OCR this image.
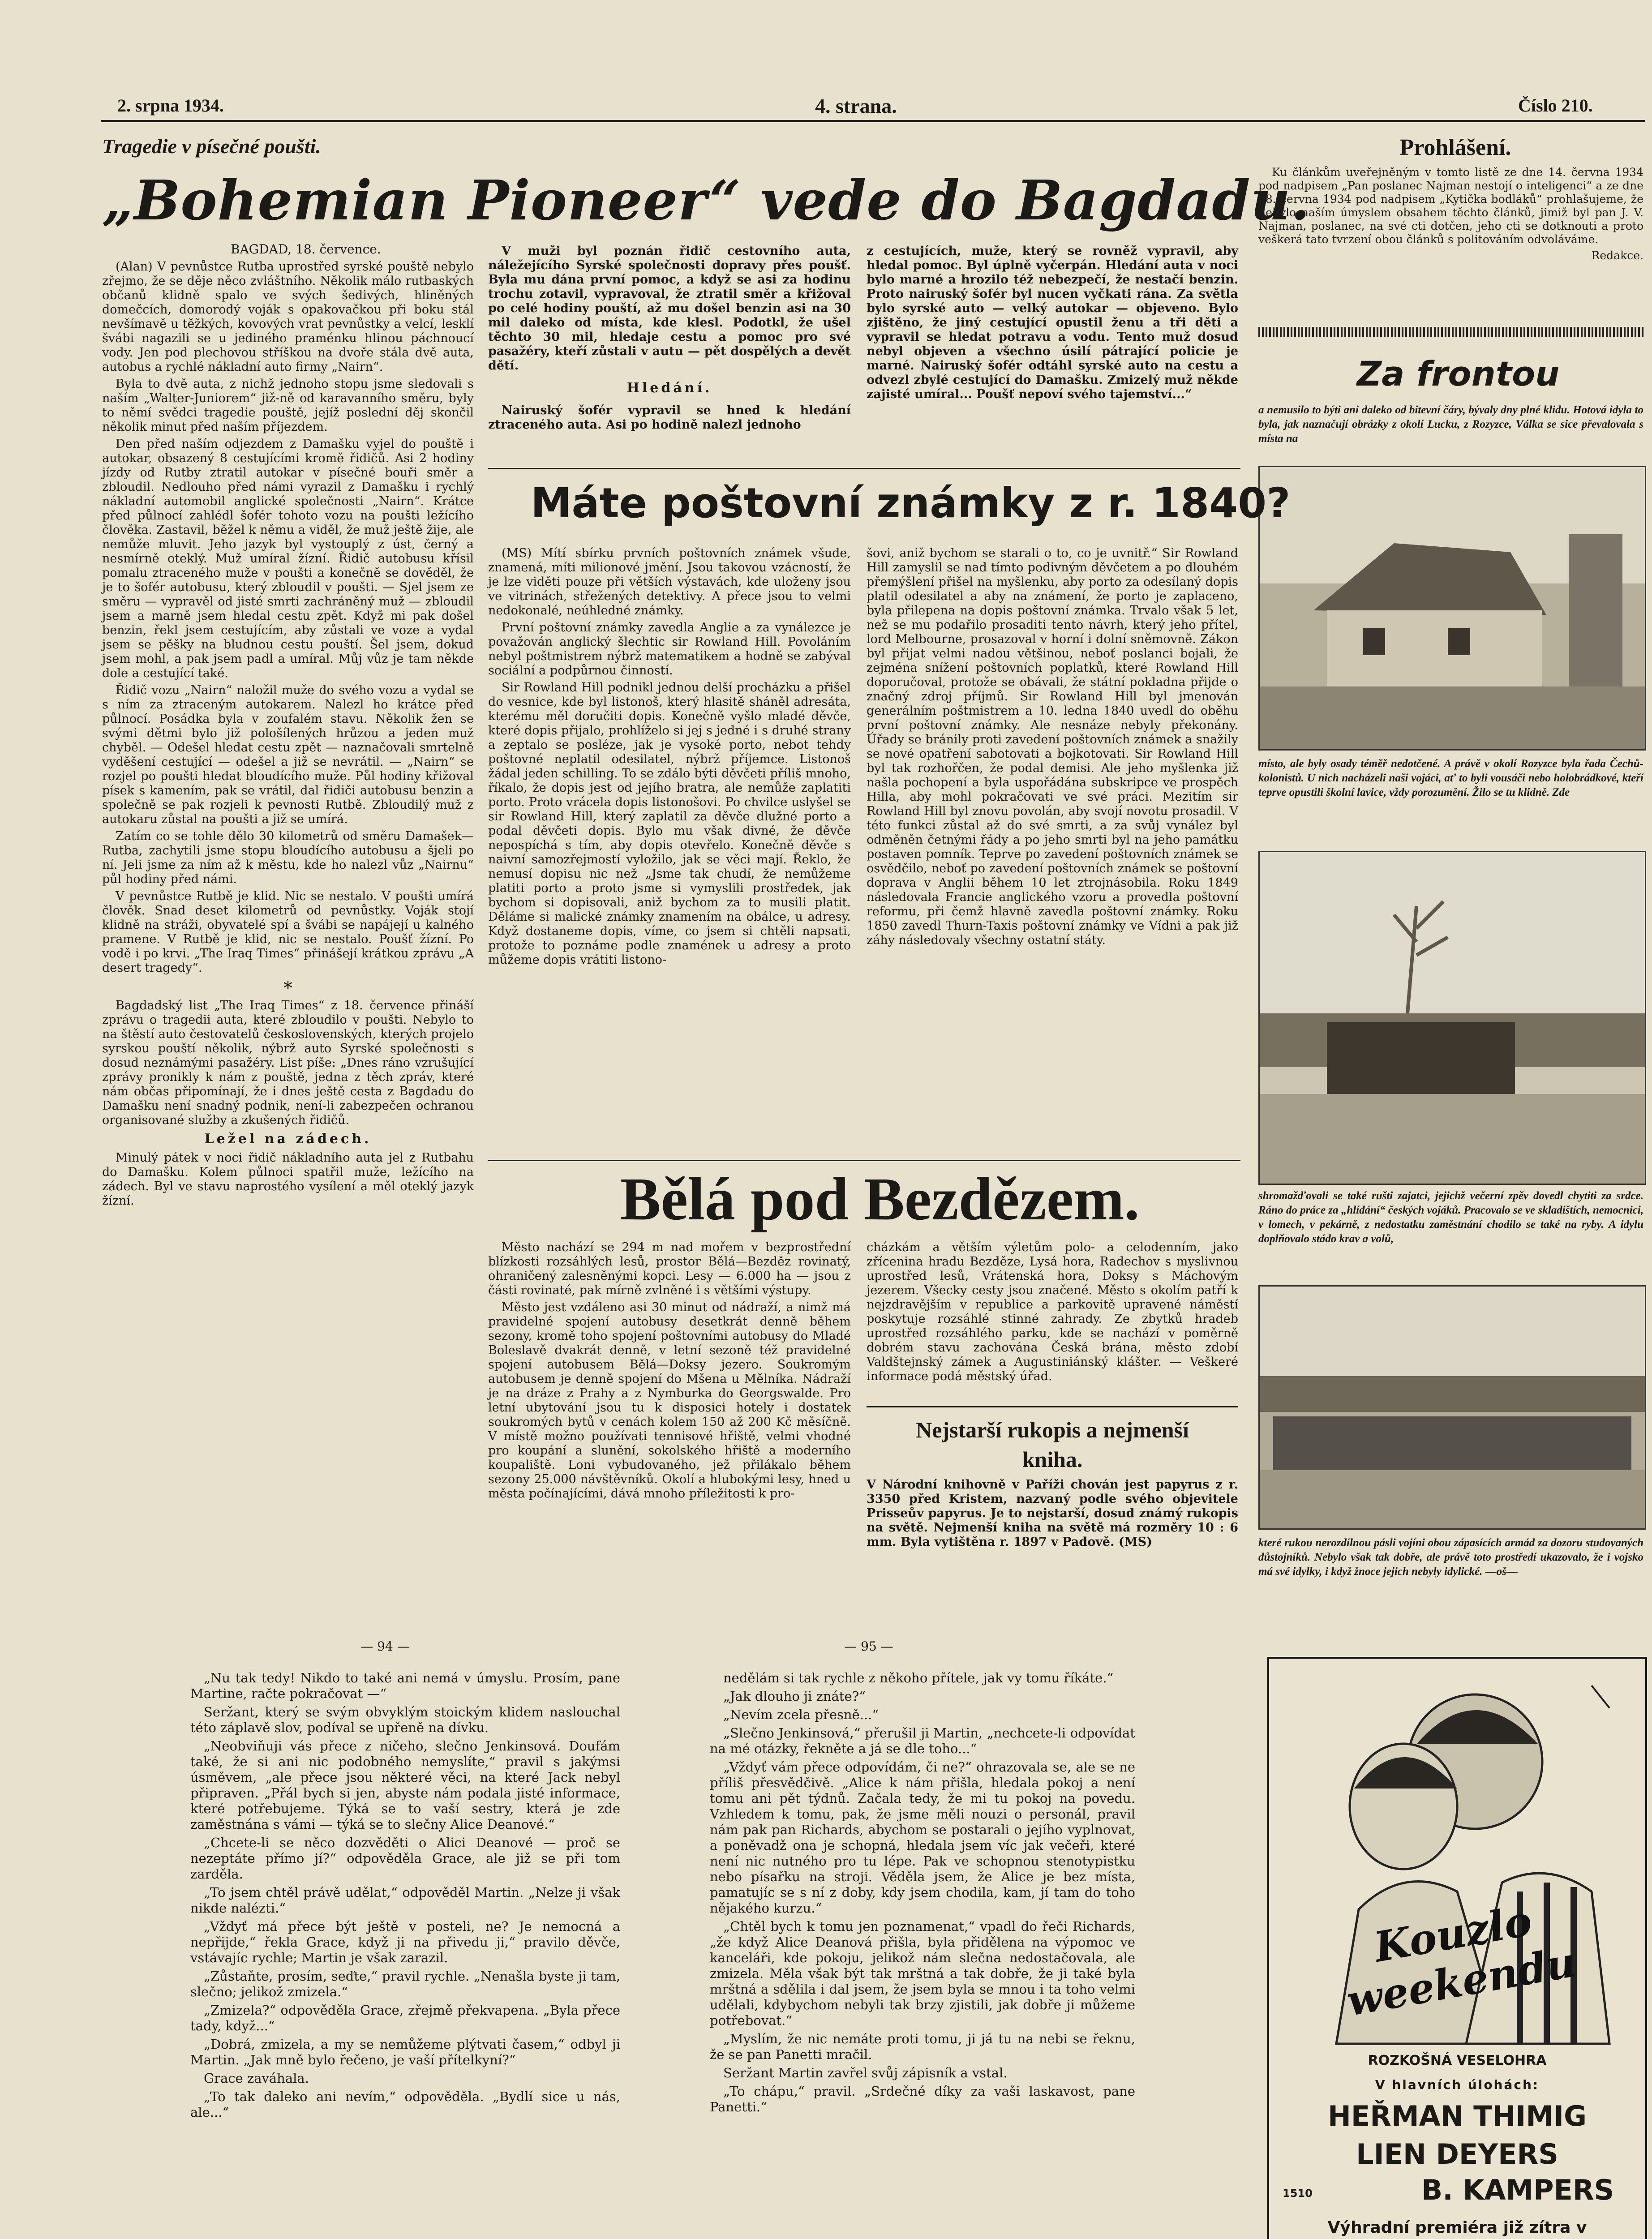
2. srpna 1934.	4. strana.	Číslo 210.
Tragedie v písečné poušti.
„Bohemian Pioneer“ vede do Bagdadu.
BAGDAD, 18. července.

(Alan) V pevnůstce Rutba uprostřed syrské pouště nebylo zřejmo, že se děje něco zvláštního. Několik málo rutbaských občanů klidně spalo ve svých šedivých, hliněných domečcích, domorodý voják s opakovačkou při boku stál nevšímavě u těžkých, kovových vrat pevnůstky a velcí, lesklí švábi nagazili se u jediného praménku hlinou páchnoucí vody. Jen pod plechovou stříškou na dvoře stála dvě auta, autobus a rychlé nákladní auto firmy „Nairn“.

Byla to dvě auta, z nichž jednoho stopu jsme sledovali s naším „Walter-Juniorem“ již-ně od karavanního směru, byly to němí svědci tragedie pouště, jejíž poslední děj skončil několik minut před naším příjezdem.

Den před naším odjezdem z Damašku vyjel do pouště i autokar, obsazený 8 cestujícími kromě řidičů. Asi 2 hodiny jízdy od Rutby ztratil autokar v písečné bouři směr a zbloudil. Nedlouho před námi vyrazil z Damašku i rychlý nákladní automobil anglické společnosti „Nairn“. Krátce před půlnocí zahlédl šofér tohoto vozu na poušti ležícího člověka. Zastavil, běžel k němu a viděl, že muž ještě žije, ale nemůže mluvit. Jeho jazyk byl vystouplý z úst, černý a nesmírně oteklý. Muž umíral žízní. Řidič autobusu křísil pomalu ztraceného muže v poušti a konečně se dověděl, že je to šofér autobusu, který zbloudil v poušti. — Sjel jsem ze směru — vypravěl od jisté smrti zachráněný muž — zbloudil jsem a marně jsem hledal cestu zpět. Když mi pak došel benzin, řekl jsem cestujícím, aby zůstali ve voze a vydal jsem se pěšky na bludnou cestu pouští. Šel jsem, dokud jsem mohl, a pak jsem padl a umíral. Můj vůz je tam někde dole a cestující také.

Řidič vozu „Nairn“ naložil muže do svého vozu a vydal se s ním za ztraceným autokarem. Nalezl ho krátce před půlnocí. Posádka byla v zoufalém stavu. Několik žen se svými dětmi bylo již pološílených hrůzou a jeden muž chyběl. — Odešel hledat cestu zpět — naznačovali smrtelně vyděšení cestující — odešel a již se nevrátil. — „Nairn“ se rozjel po poušti hledat bloudícího muže. Půl hodiny křižoval písek s kamením, pak se vrátil, dal řidiči autobusu benzin a společně se pak rozjeli k pevnosti Rutbě. Zbloudilý muž z autokaru zůstal na poušti a již se umírá.

Zatím co se tohle dělo 30 kilometrů od směru Damašek—Rutba, zachytili jsme stopu bloudícího autobusu a šjeli po ní. Jeli jsme za ním až k městu, kde ho nalezl vůz „Nairnu“ půl hodiny před námi.

V pevnůstce Rutbě je klid. Nic se nestalo. V poušti umírá člověk. Snad deset kilometrů od pevnůstky. Voják stojí klidně na stráži, obyvatelé spí a švábi se napájejí u kalného pramene. V Rutbě je klid, nic se nestalo. Poušť žízní. Po vodě i po krvi. „The Iraq Times“ přinášejí krátkou zprávu „A desert tragedy“.

*

Bagdadský list „The Iraq Times“ z 18. července přináší zprávu o tragedii auta, které zbloudilo v poušti. Nebylo to na štěstí auto čestovatelů československých, kterých projelo syrskou pouští několik, nýbrž auto Syrské společnosti s dosud neznámými pasažéry. List píše: „Dnes ráno vzrušující zprávy pronikly k nám z pouště, jedna z těch zpráv, které nám občas připomínají, že i dnes ještě cesta z Bagdadu do Damašku není snadný podnik, není-li zabezpečen ochranou organisované služby a zkušených řidičů.

Ležel na zádech.

Minulý pátek v noci řidič nákladního auta jel z Rutbahu do Damašku. Kolem půlnoci spatřil muže, ležícího na zádech. Byl ve stavu naprostého vysílení a měl oteklý jazyk žízní.

V muži byl poznán řidič cestovního auta, náležejícího Syrské společnosti dopravy přes poušť. Byla mu dána první pomoc, a když se asi za hodinu trochu zotavil, vypravoval, že ztratil směr a křižoval po celé hodiny pouští, až mu došel benzin asi na 30 mil daleko od místa, kde klesl. Podotkl, že ušel těchto 30 mil, hledaje cestu a pomoc pro své pasažéry, kteří zůstali v autu — pět dospělých a devět dětí.

Hledání.

Nairuský šofér vypravil se hned k hledání ztraceného auta. Asi po hodině nalezl jednoho

z cestujících, muže, který se rovněž vypravil, aby hledal pomoc. Byl úplně vyčerpán. Hledání auta v noci bylo marné a hrozilo též nebezpečí, že nestačí benzin. Proto nairuský šofér byl nucen vyčkati rána. Za světla bylo syrské auto — velký autokar — objeveno. Bylo zjištěno, že jiný cestující opustil ženu a tři děti a vypravil se hledat potravu a vodu. Tento muž dosud nebyl objeven a všechno úsilí pátrající policie je marné. Nairuský šofér odtáhl syrské auto na cestu a odvezl zbylé cestující do Damašku. Zmizelý muž někde zajisté umíral... Poušť nepoví svého tajemství...“

Prohlášení.

Ku článkům uveřejněným v tomto listě ze dne 14. června 1934 pod nadpisem „Pan poslanec Najman nestojí o inteligenci“ a ze dne 18. června 1934 pod nadpisem „Kytička bodláků“ prohlašujeme, že nebylo naším úmyslem obsahem těchto článků, jimiž byl pan J. V. Najman, poslanec, na své cti dotčen, jeho cti se dotknouti a proto veškerá tato tvrzení obou článků s politováním odvoláváme.

Redakce.
Za frontou
a nemusilo to býti ani daleko od bitevní čáry, bývaly dny plné klidu. Hotová idyla to byla, jak naznačují obrázky z okolí Lucku, z Rozyzce, Válka se sice převalovala s místa na
místo, ale byly osady téměř nedotčené. A právě v okolí Rozyzce byla řada Čechů-kolonistů. U nich nacházeli naši vojáci, ať to byli vousáči nebo holobrádkové, kteří teprve opustili školní lavice, vždy porozumění. Žilo se tu klidně. Zde
shromažďovali se také rušti zajatci, jejichž večerní zpěv dovedl chytiti za srdce. Ráno do práce za „hlídání“ českých vojáků. Pracovalo se ve skladištích, nemocnici, v lomech, v pekárně, z nedostatku zaměstnání chodilo se také na ryby. A idylu doplňovalo stádo krav a volů,
které rukou nerozdílnou pásli vojíni obou zápasících armád za dozoru studovaných důstojníků. Nebylo však tak dobře, ale právě toto prostředí ukazovalo, že i vojsko má své idylky, i když žnoce jejich nebyly idylické. —oš—
Máte poštovní známky z r. 1840?

(MS) Mítí sbírku prvních poštovních známek všude, znamená, míti milionové jmění. Jsou takovou vzácností, že je lze viděti pouze při větších výstavách, kde uloženy jsou ve vitrinách, střežených detektivy. A přece jsou to velmi nedokonalé, neúhledné známky.

První poštovní známky zavedla Anglie a za vynálezce je považován anglický šlechtic sir Rowland Hill. Povoláním nebyl poštmistrem nýbrž matematikem a hodně se zabýval sociální a podpůrnou činností.

Sir Rowland Hill podnikl jednou delší procházku a přišel do vesnice, kde byl listonoš, který hlasitě sháněl adresáta, kterému měl doručiti dopis. Konečně vyšlo mladé děvče, které dopis přijalo, prohlíželo si jej s jedné i s druhé strany a zeptalo se posléze, jak je vysoké porto, nebot tehdy poštovné neplatil odesilatel, nýbrž příjemce. Listonoš žádal jeden schilling. To se zdálo býti děvčeti příliš mnoho, říkalo, že dopis jest od jejího bratra, ale nemůže zaplatiti porto. Proto vrácela dopis listonošovi. Po chvilce uslyšel se sir Rowland Hill, který zaplatil za děvče dlužné porto a podal děvčeti dopis. Bylo mu však divné, že děvče nepospíchá s tím, aby dopis otevřelo. Konečně děvče s naivní samozřejmostí vyložilo, jak se věci mají. Řeklo, že nemusí dopisu nic než „Jsme tak chudí, že nemůžeme platiti porto a proto jsme si vymyslili prostředek, jak bychom si dopisovali, aniž bychom za to musili platit. Děláme si malické známky znamením na obálce, u adresy. Když dostaneme dopis, víme, co jsem si chtěli napsati, protože to poznáme podle znamének u adresy a proto můžeme dopis vrátiti listono-

šovi, aniž bychom se starali o to, co je uvnitř.“ Sir Rowland Hill zamyslil se nad tímto podivným děvčetem a po dlouhém přemýšlení přišel na myšlenku, aby porto za odesílaný dopis platil odesilatel a aby na známení, že porto je zaplaceno, byla přilepena na dopis poštovní známka. Trvalo však 5 let, než se mu podařilo prosaditi tento návrh, který jeho přítel, lord Melbourne, prosazoval v horní i dolní sněmovně. Zákon byl přijat velmi nadou většinou, neboť poslanci bojali, že zejména snížení poštovních poplatků, které Rowland Hill doporučoval, protože se obávali, že státní pokladna přijde o značný zdroj příjmů. Sir Rowland Hill byl jmenován generálním poštmistrem a 10. ledna 1840 uvedl do oběhu první poštovní známky. Ale nesnáze nebyly překonány. Úřady se bránily proti zavedení poštovních známek a snažily se nové opatření sabotovati a bojkotovati. Sir Rowland Hill byl tak rozhořčen, že podal demisi. Ale jeho myšlenka již našla pochopení a byla uspořádána subskripce ve prospěch Hilla, aby mohl pokračovati ve své práci. Mezitím sir Rowland Hill byl znovu povolán, aby svojí novotu prosadil. V této funkci zůstal až do své smrti, a za svůj vynález byl odměněn četnými řády a po jeho smrti byl na jeho památku postaven pomník. Teprve po zavedení poštovních známek se osvědčilo, neboť po zavedení poštovních známek se poštovní doprava v Anglii během 10 let ztrojnásobila. Roku 1849 následovala Francie anglického vzoru a provedla poštovní reformu, při čemž hlavně zavedla poštovní známky. Roku 1850 zavedl Thurn-Taxis poštovní známky ve Vídni a pak již záhy následovaly všechny ostatní státy.

Bělá pod Bezdězem.

Město nachází se 294 m nad mořem v bezprostřední blízkosti rozsáhlých lesů, prostor Bělá—Bezděz rovinatý, ohraničený zalesněnými kopci. Lesy — 6.000 ha — jsou z části rovinaté, pak mírně zvlněné i s většími výstupy.

Město jest vzdáleno asi 30 minut od nádraží, a nimž má pravidelné spojení autobusy desetkrát denně během sezony, kromě toho spojení poštovními autobusy do Mladé Boleslavě dvakrát denně, v letní sezoně též pravidelné spojení autobusem Bělá—Doksy jezero. Soukromým autobusem je denně spojení do Mšena u Mělníka. Nádraží je na dráze z Prahy a z Nymburka do Georgswalde. Pro letní ubytování jsou tu k disposici hotely i dostatek soukromých bytů v cenách kolem 150 až 200 Kč měsíčně. V místě možno používati tennisové hřiště, velmi vhodné pro koupání a slunění, sokolského hřiště a moderního koupaliště. Loni vybudovaného, jež přilákalo během sezony 25.000 návštěvníků. Okolí a hlubokými lesy, hned u města počínajícími, dává mnoho příležitosti k pro-

cházkám a větším výletům polo- a celodenním, jako zřícenina hradu Bezděze, Lysá hora, Radechov s myslivnou uprostřed lesů, Vrátenská hora, Doksy s Máchovým jezerem. Všecky cesty jsou značené. Město s okolím patří k nejzdravějším v republice a parkovitě upravené náměstí poskytuje rozsáhlé stinné zahrady. Ze zbytků hradeb uprostřed rozsáhlého parku, kde se nachází v poměrně dobrém stavu zachována Česká brána, město zdobí Valdštejnský zámek a Augustiniánský klášter. — Veškeré informace podá městský úřad.

Nejstarší rukopis a nejmenší kniha.
V Národní knihovně v Paříži chován jest papyrus z r. 3350 před Kristem, nazvaný podle svého objevitele Prisseův papyrus. Je to nejstarší, dosud známý rukopis na světě. Nejmenší kniha na světě má rozměry 10 : 6 mm. Byla vytištěna r. 1897 v Padově. (MS)
— 94 —	— 95 —

„Nu tak tedy! Nikdo to také ani nemá v úmyslu. Prosím, pane Martine, račte pokračovat —“

Seržant, který se svým obvyklým stoickým klidem naslouchal této záplavě slov, podíval se upřeně na dívku.

„Neobviňuji vás přece z ničeho, slečno Jenkinsová. Doufám také, že si ani nic podobného nemyslíte,“ pravil s jakýmsi úsměvem, „ale přece jsou některé věci, na které Jack nebyl připraven. „Přál bych si jen, abyste nám podala jisté informace, které potřebujeme. Týká se to vaší sestry, která je zde zaměstnána s vámi — týká se to slečny Alice Deanové.“

„Chcete-li se něco dozvěděti o Alici Deanové — proč se nezeptáte přímo jí?“ odpověděla Grace, ale již se při tom zarděla.

„To jsem chtěl právě udělat,“ odpověděl Martin. „Nelze ji však nikde nalézti.“

„Vždyť má přece být ještě v posteli, ne? Je nemocná a nepřijde,“ řekla Grace, když ji na přivedu ji,“ pravilo děvče, vstávajíc rychle; Martin je však zarazil.

„Zůstaňte, prosím, seďte,“ pravil rychle. „Nenašla byste ji tam, slečno; jelikož zmizela.“

„Zmizela?“ odpověděla Grace, zřejmě překvapena. „Byla přece tady, když...“

„Dobrá, zmizela, a my se nemůžeme plýtvati časem,“ odbyl ji Martin. „Jak mně bylo řečeno, je vaší přítelkyní?“

Grace zaváhala.

„To tak daleko ani nevím,“ odpověděla. „Bydlí sice u nás, ale...“

nedělám si tak rychle z někoho přítele, jak vy tomu říkáte.“

„Jak dlouho ji znáte?“

„Nevím zcela přesně...“

„Slečno Jenkinsová,“ přerušil ji Martin, „nechcete-li odpovídat na mé otázky, řekněte a já se dle toho...“

„Vždyť vám přece odpovídám, či ne?“ ohrazovala se, ale se ne příliš přesvědčivě. „Alice k nám přišla, hledala pokoj a není tomu ani pět týdnů. Začala tedy, že mi tu pokoj na povedu. Vzhledem k tomu, pak, že jsme měli nouzi o personál, pravil nám pak pan Richards, abychom se postarali o jejího vyplnovat, a poněvadž ona je schopná, hledala jsem víc jak večeři, které není nic nutného pro tu lépe. Pak ve schopnou stenotypistku nebo písařku na stroji. Věděla jsem, že Alice je bez místa, pamatujíc se s ní z doby, kdy jsem chodila, kam, jí tam do toho nějakého kurzu.“

„Chtěl bych k tomu jen poznamenat,“ vpadl do řeči Richards, „že když Alice Deanová přišla, byla přidělena na výpomoc ve kanceláři, kde pokoju, jelikož nám slečna nedostačovala, ale zmizela. Měla však být tak mrštná a tak dobře, že ji také byla mrštná a sdělila i dal jsem, že jsem byla se mnou i ta toho velmi udělali, kdybychom nebyli tak brzy zjistili, jak dobře ji můžeme potřebovat.“

„Myslím, že nic nemáte proti tomu, ji já tu na nebi se řeknu, že se pan Panetti mračil.

Seržant Martin zavřel svůj zápisník a vstal.

„To chápu,“ pravil. „Srdečné díky za vaši laskavost, pane Panetti.“

Kouzlo weekendu
ROZKOŠNÁ VESELOHRA
V hlavních úlohách:
HEŘMAN THIMIG
LIEN DEYERS
1510	B. KAMPERS
Výhradní premiéra již zítra v
